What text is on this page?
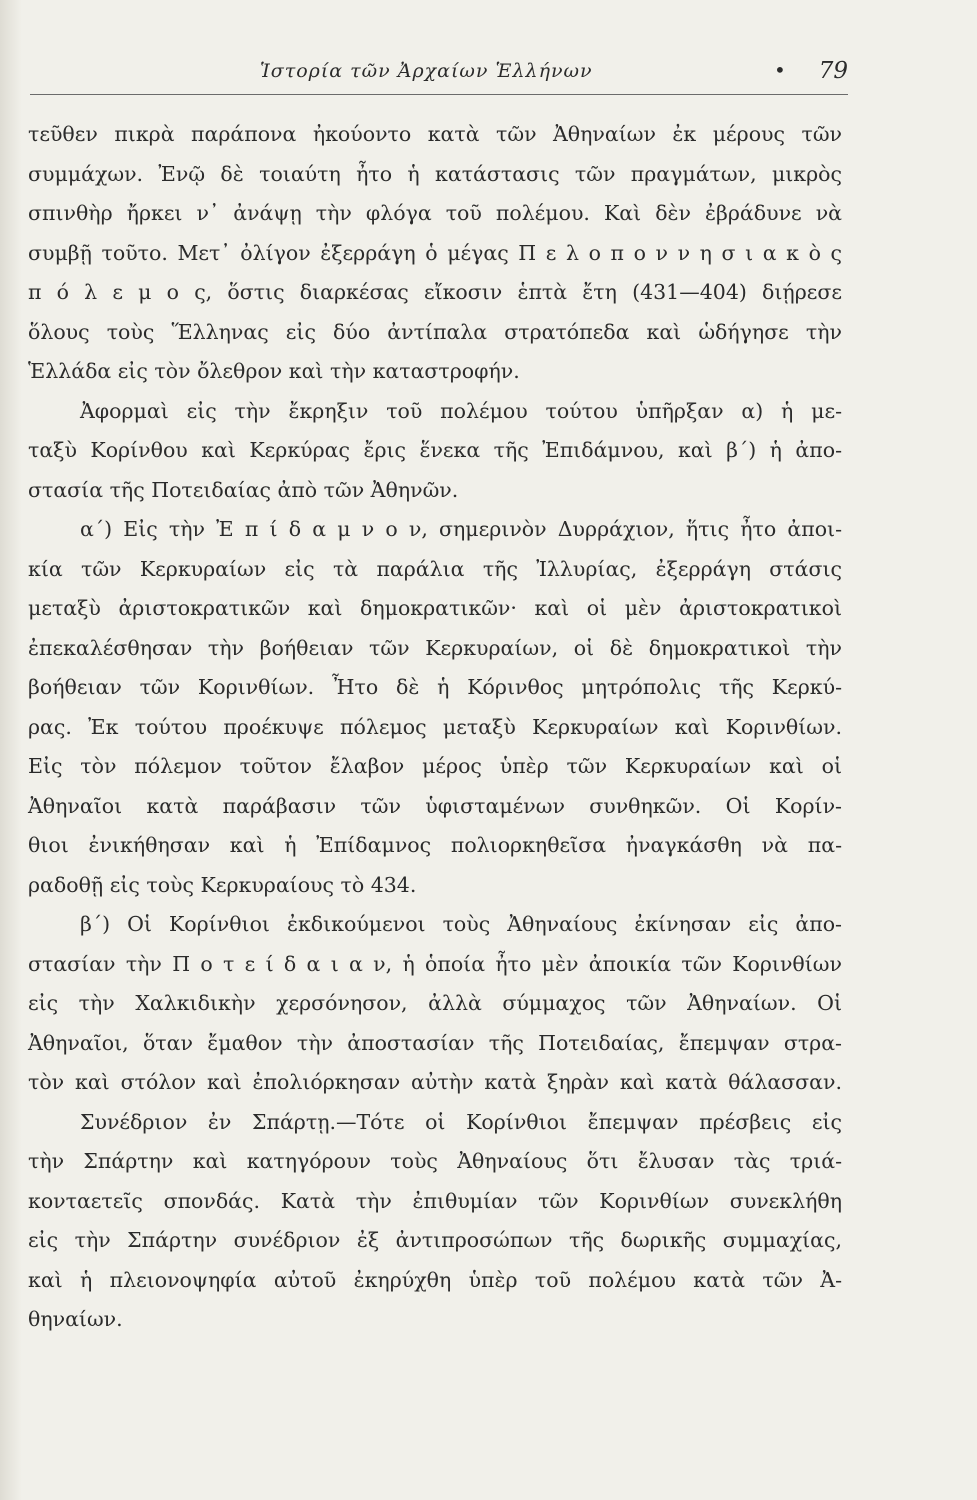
Ἱστορία τῶν Ἀρχαίων Ἑλλήνων	• 79
τεῦθεν πικρὰ παράπονα ἠκούοντο κατὰ τῶν Ἀθηναίων ἐκ μέρους τῶν
συμμάχων. Ἐνῷ δὲ τοιαύτη ἦτο ἡ κατάστασις τῶν πραγμάτων, μικρὸς
σπινθὴρ ἤρκει ν᾿ ἀνάψῃ τὴν φλόγα τοῦ πολέμου. Καὶ δὲν ἐβράδυνε νὰ
συμβῇ τοῦτο. Μετ᾿ ὀλίγον ἐξερράγη ὁ μέγας Π ε λ ο π ο ν ν η σ ι α κ ὸ ς
π ό λ ε μ ο ς, ὅστις διαρκέσας εἴκοσιν ἑπτὰ ἔτη (431—404) διῄρεσε
ὅλους τοὺς Ἕλληνας εἰς δύο ἀντίπαλα στρατόπεδα καὶ ὡδήγησε τὴν
Ἑλλάδα εἰς τὸν ὄλεθρον καὶ τὴν καταστροφήν.
Ἀφορμαὶ εἰς τὴν ἔκρηξιν τοῦ πολέμου τούτου ὑπῆρξαν α) ἡ με-
ταξὺ Κορίνθου καὶ Κερκύρας ἔρις ἕνεκα τῆς Ἐπιδάμνου, καὶ β΄) ἡ ἀπο-
στασία τῆς Ποτειδαίας ἀπὸ τῶν Ἀθηνῶν.
α΄) Εἰς τὴν Ἐ π ί δ α μ ν ο ν, σημερινὸν Δυρράχιον, ἥτις ἦτο ἀποι-
κία τῶν Κερκυραίων εἰς τὰ παράλια τῆς Ἰλλυρίας, ἐξερράγη στάσις
μεταξὺ ἀριστοκρατικῶν καὶ δημοκρατικῶν· καὶ οἱ μὲν ἀριστοκρατικοὶ
ἐπεκαλέσθησαν τὴν βοήθειαν τῶν Κερκυραίων, οἱ δὲ δημοκρατικοὶ τὴν
βοήθειαν τῶν Κορινθίων. Ἦτο δὲ ἡ Κόρινθος μητρόπολις τῆς Κερκύ-
ρας. Ἐκ τούτου προέκυψε πόλεμος μεταξὺ Κερκυραίων καὶ Κορινθίων.
Εἰς τὸν πόλεμον τοῦτον ἔλαβον μέρος ὑπὲρ τῶν Κερκυραίων καὶ οἱ
Ἀθηναῖοι κατὰ παράβασιν τῶν ὑφισταμένων συνθηκῶν. Οἱ Κορίν-
θιοι ἐνικήθησαν καὶ ἡ Ἐπίδαμνος πολιορκηθεῖσα ἠναγκάσθη νὰ πα-
ραδοθῇ εἰς τοὺς Κερκυραίους τὸ 434.
β΄) Οἱ Κορίνθιοι ἐκδικούμενοι τοὺς Ἀθηναίους ἐκίνησαν εἰς ἀπο-
στασίαν τὴν Π ο τ ε ί δ α ι α ν, ἡ ὁποία ἦτο μὲν ἀποικία τῶν Κορινθίων
εἰς τὴν Χαλκιδικὴν χερσόνησον, ἀλλὰ σύμμαχος τῶν Ἀθηναίων. Οἱ
Ἀθηναῖοι, ὅταν ἔμαθον τὴν ἀποστασίαν τῆς Ποτειδαίας, ἔπεμψαν στρα-
τὸν καὶ στόλον καὶ ἐπολιόρκησαν αὐτὴν κατὰ ξηρὰν καὶ κατὰ θάλασσαν.
Συνέδριον ἐν Σπάρτῃ.—Τότε οἱ Κορίνθιοι ἔπεμψαν πρέσβεις εἰς
τὴν Σπάρτην καὶ κατηγόρουν τοὺς Ἀθηναίους ὅτι ἔλυσαν τὰς τριά-
κονταετεῖς σπονδάς. Κατὰ τὴν ἐπιθυμίαν τῶν Κορινθίων συνεκλήθη
εἰς τὴν Σπάρτην συνέδριον ἐξ ἀντιπροσώπων τῆς δωρικῆς συμμαχίας,
καὶ ἡ πλειονοψηφία αὐτοῦ ἐκηρύχθη ὑπὲρ τοῦ πολέμου κατὰ τῶν Ἀ-
θηναίων.
